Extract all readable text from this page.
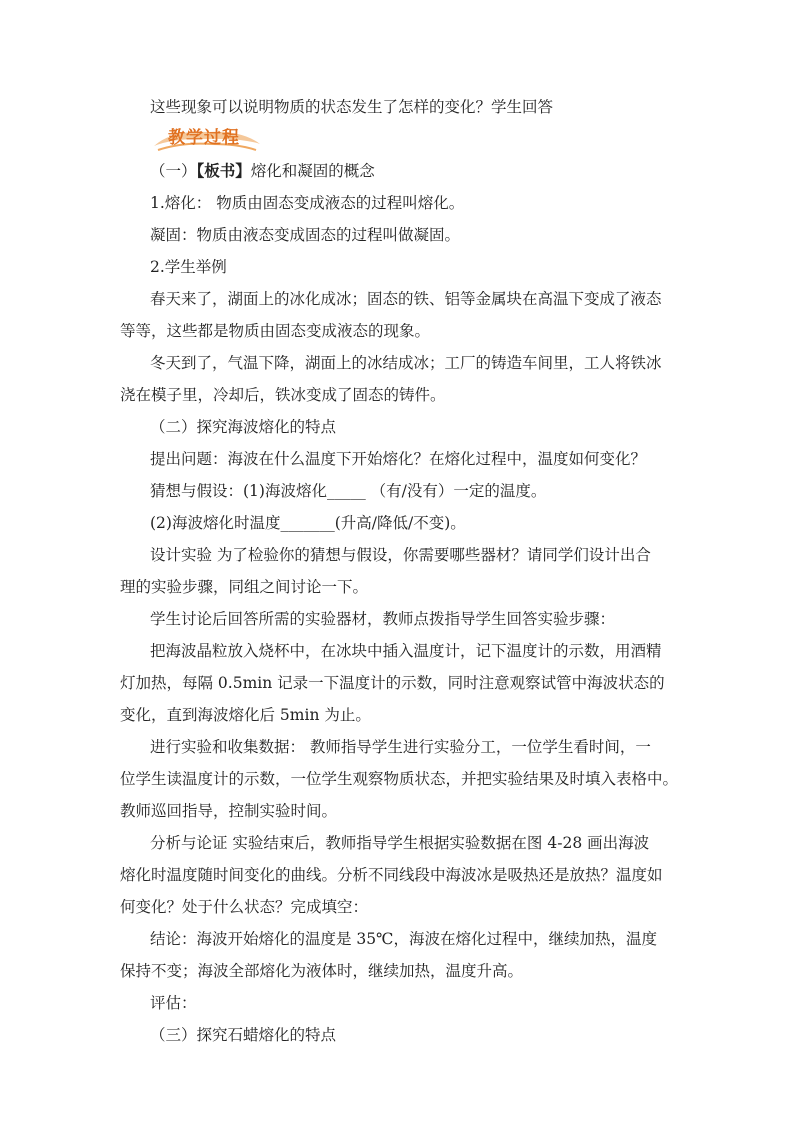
这些现象可以说明物质的状态发生了怎样的变化？学生回答
教学过程
（一）【板书】熔化和凝固的概念
1.熔化： 物质由固态变成液态的过程叫熔化。
凝固：物质由液态变成固态的过程叫做凝固。
2.学生举例
春天来了，湖面上的冰化成冰；固态的铁、铝等金属块在高温下变成了液态
等等，这些都是物质由固态变成液态的现象。
冬天到了，气温下降，湖面上的冰结成冰；工厂的铸造车间里，工人将铁冰
浇在模子里，冷却后，铁冰变成了固态的铸件。
（二）探究海波熔化的特点
提出问题：海波在什么温度下开始熔化？在熔化过程中，温度如何变化？
猜想与假设：(1)海波熔化_____ （有/没有）一定的温度。
(2)海波熔化时温度_______(升高/降低/不变)。
设计实验 为了检验你的猜想与假设，你需要哪些器材？请同学们设计出合
理的实验步骤，同组之间讨论一下。
学生讨论后回答所需的实验器材，教师点拨指导学生回答实验步骤：
把海波晶粒放入烧杯中，在冰块中插入温度计，记下温度计的示数，用酒精
灯加热，每隔 0.5min 记录一下温度计的示数，同时注意观察试管中海波状态的
变化，直到海波熔化后 5min 为止。
进行实验和收集数据： 教师指导学生进行实验分工，一位学生看时间，一
位学生读温度计的示数，一位学生观察物质状态，并把实验结果及时填入表格中。
教师巡回指导，控制实验时间。
分析与论证 实验结束后，教师指导学生根据实验数据在图 4-28 画出海波
熔化时温度随时间变化的曲线。分析不同线段中海波冰是吸热还是放热？温度如
何变化？处于什么状态？完成填空：
结论：海波开始熔化的温度是 35℃，海波在熔化过程中，继续加热，温度
保持不变；海波全部熔化为液体时，继续加热，温度升高。
评估：
（三）探究石蜡熔化的特点
